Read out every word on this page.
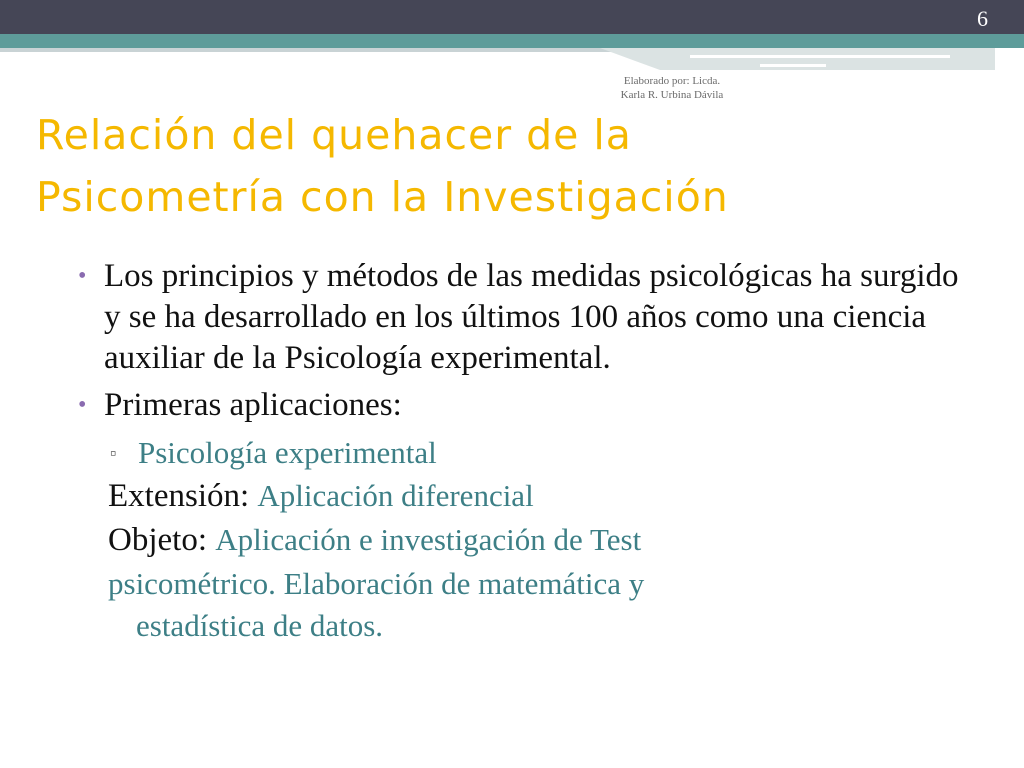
6
Elaborado por: Licda.
Karla R. Urbina Dávila
Relación del quehacer de la
Psicometría con la Investigación
• Los principios y métodos de las medidas psicológicas ha surgido y se ha desarrollado en los últimos 100 años como una ciencia auxiliar de la Psicología experimental.
• Primeras aplicaciones:
▫ Psicología experimental
Extensión: Aplicación diferencial
Objeto: Aplicación e investigación de Test
psicométrico. Elaboración de matemática y
estadística de datos.
